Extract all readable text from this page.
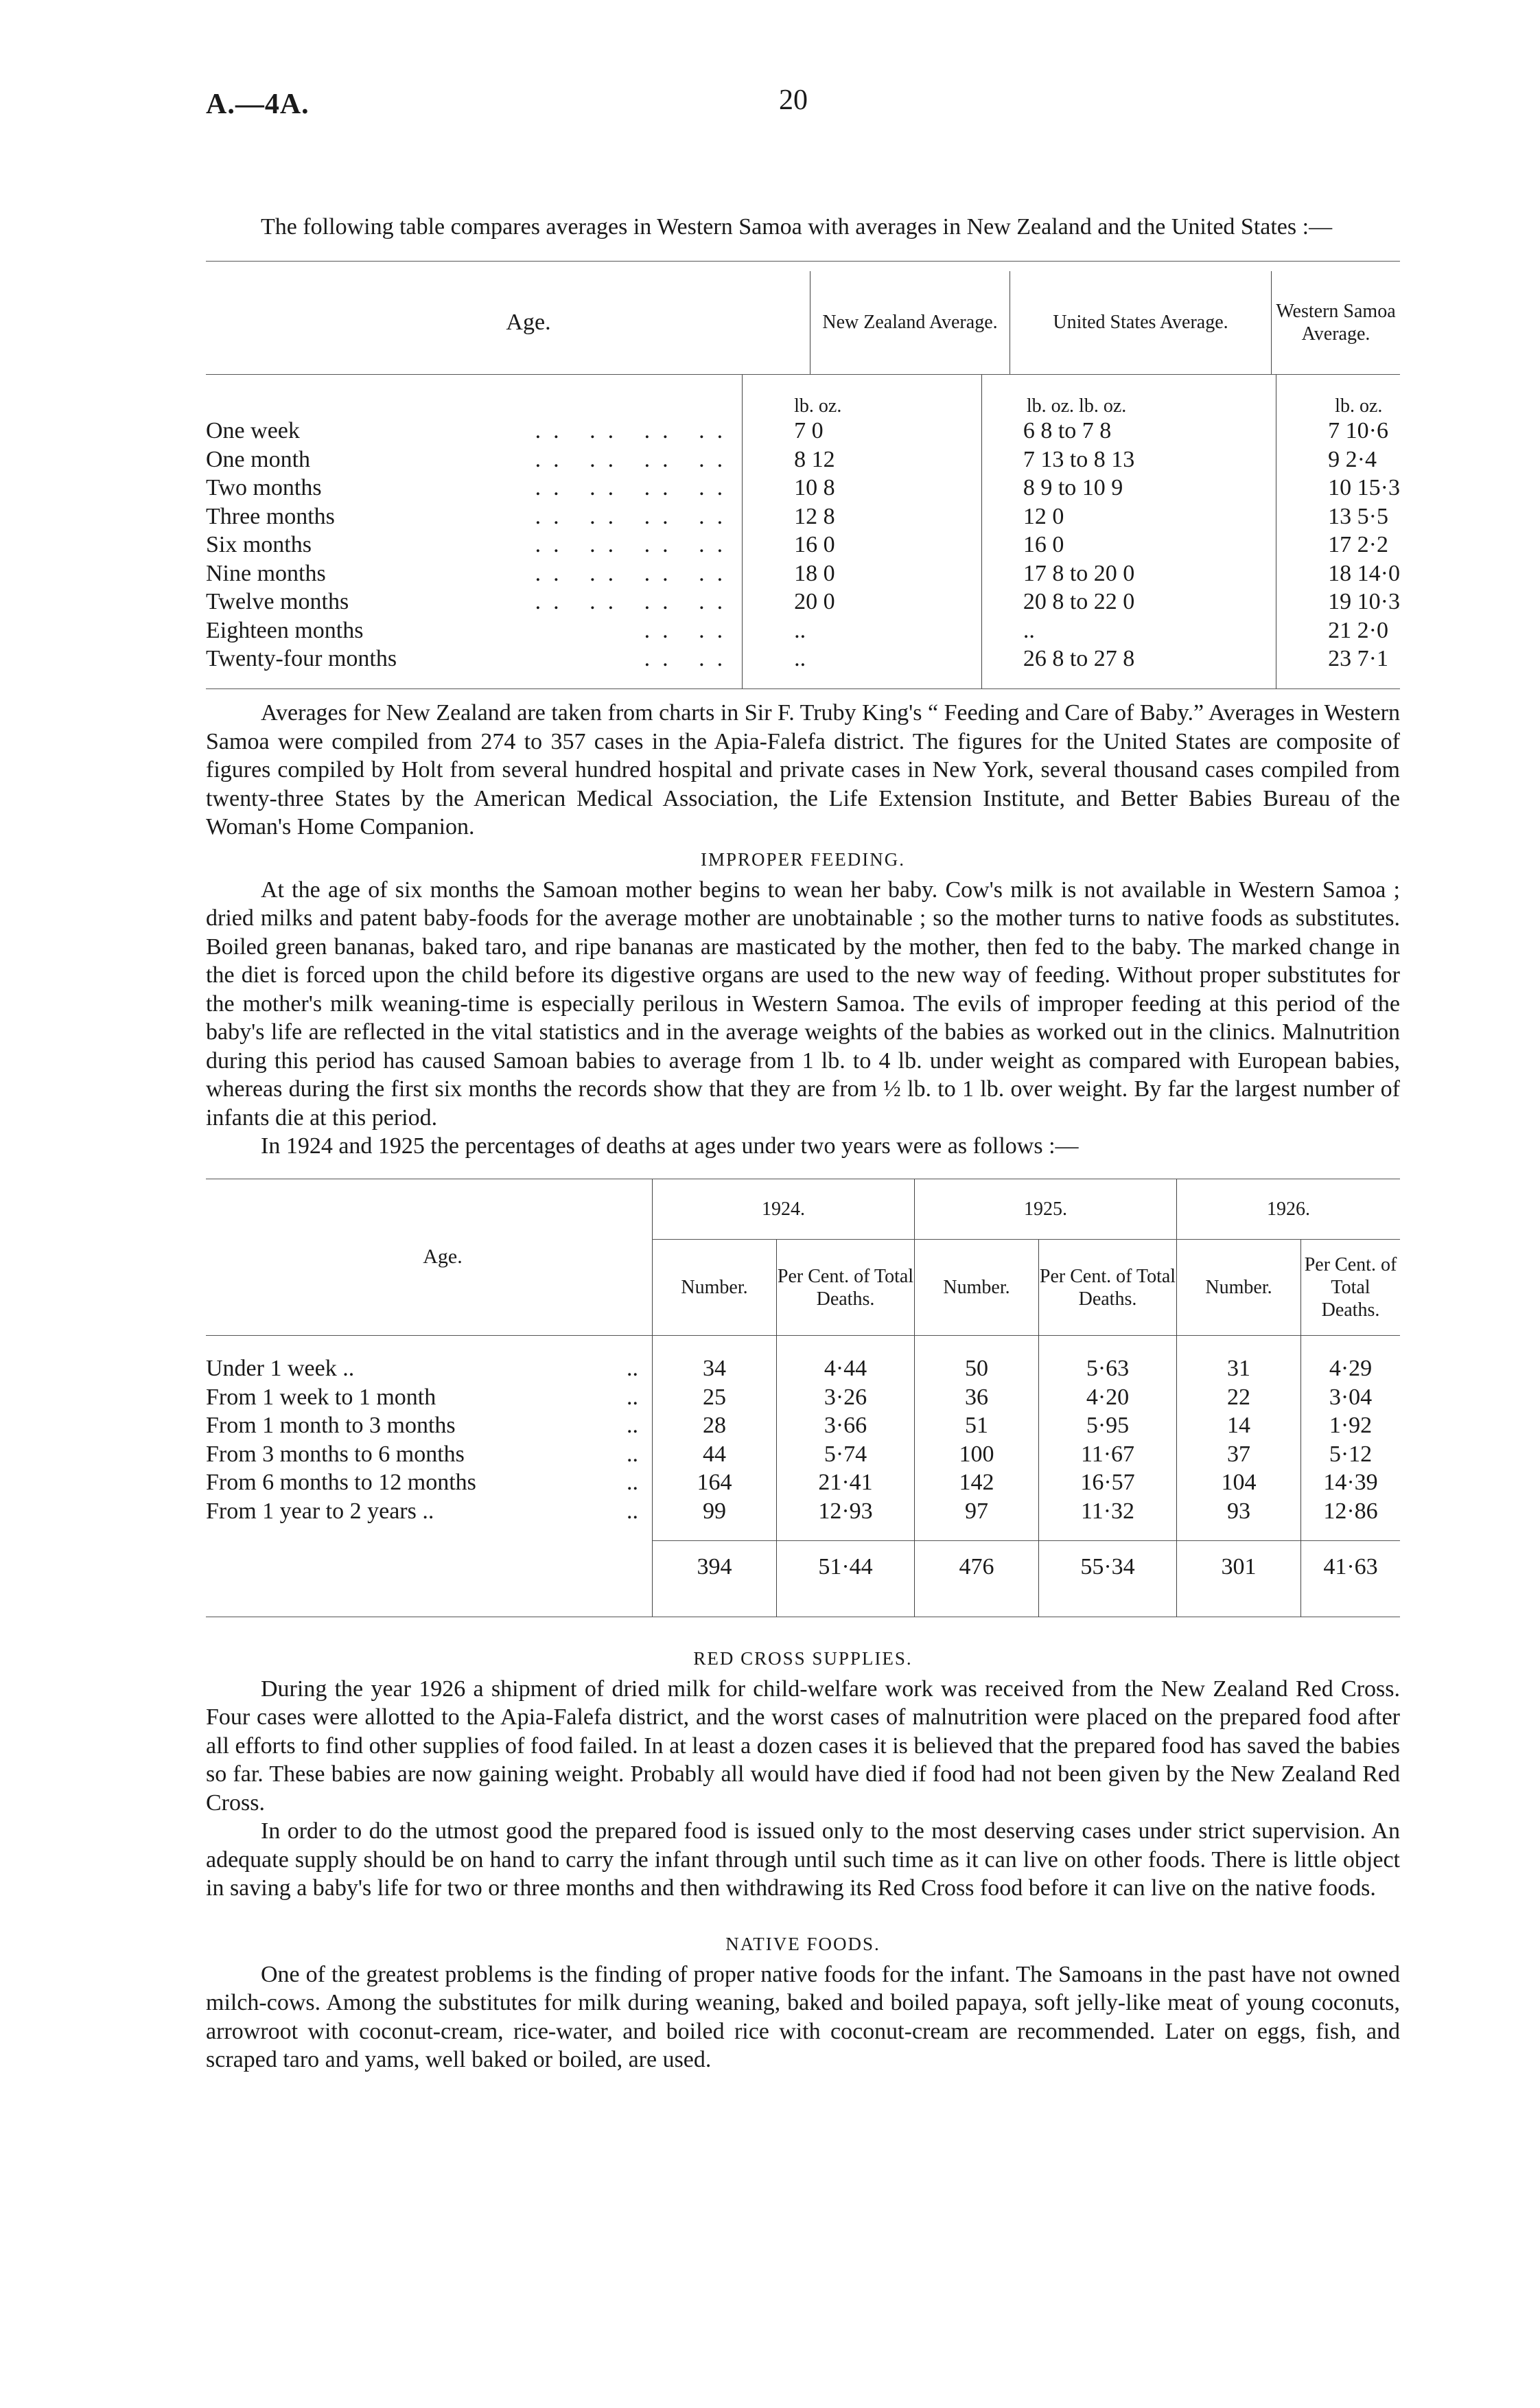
A.—4A.	20

The following table compares averages in Western Samoa with averages in New Zealand and the United States :—

Age.	New Zealand Average.	United States Average.	Western Samoa Average.
	lb. oz.	lb. oz. lb. oz.	lb. oz.
One week .. .. .. ..	7 0	6 8 to 7 8	7 10·6
One month .. .. .. ..	8 12	7 13 to 8 13	9 2·4
Two months .. .. .. ..	10 8	8 9 to 10 9	10 15·3
Three months .. .. .. ..	12 8	12 0	13 5·5
Six months .. .. .. ..	16 0	16 0	17 2·2
Nine months .. .. .. ..	18 0	17 8 to 20 0	18 14·0
Twelve months .. .. .. ..	20 0	20 8 to 22 0	19 10·3
Eighteen months .. ..	..	..	21 2·0
Twenty-four months .. ..	..	26 8 to 27 8	23 7·1

Averages for New Zealand are taken from charts in Sir F. Truby King's “ Feeding and Care of Baby.” Averages in Western Samoa were compiled from 274 to 357 cases in the Apia-Falefa district. The figures for the United States are composite of figures compiled by Holt from several hundred hospital and private cases in New York, several thousand cases compiled from twenty-three States by the American Medical Association, the Life Extension Institute, and Better Babies Bureau of the Woman's Home Companion.

IMPROPER FEEDING.

At the age of six months the Samoan mother begins to wean her baby. Cow's milk is not available in Western Samoa ; dried milks and patent baby-foods for the average mother are unobtainable ; so the mother turns to native foods as substitutes. Boiled green bananas, baked taro, and ripe bananas are masticated by the mother, then fed to the baby. The marked change in the diet is forced upon the child before its digestive organs are used to the new way of feeding. Without proper substitutes for the mother's milk weaning-time is especially perilous in Western Samoa. The evils of improper feeding at this period of the baby's life are reflected in the vital statistics and in the average weights of the babies as worked out in the clinics. Malnutrition during this period has caused Samoan babies to average from 1 lb. to 4 lb. under weight as compared with European babies, whereas during the first six months the records show that they are from ½ lb. to 1 lb. over weight. By far the largest number of infants die at this period.

In 1924 and 1925 the percentages of deaths at ages under two years were as follows :—

Age.	1924.		1925.		1926.	
	Number.	Per Cent. of Total Deaths.	Number.	Per Cent. of Total Deaths.	Number.	Per Cent. of Total Deaths.

Under 1 week .. ..	34	4·44	50	5·63	31	4·29
From 1 week to 1 month ..	25	3·26	36	4·20	22	3·04
From 1 month to 3 months ..	28	3·66	51	5·95	14	1·92
From 3 months to 6 months ..	44	5·74	100	11·67	37	5·12
From 6 months to 12 months ..	164	21·41	142	16·57	104	14·39
From 1 year to 2 years .. ..	99	12·93	97	11·32	93	12·86

	394	51·44	476	55·34	301	41·63

RED CROSS SUPPLIES.

During the year 1926 a shipment of dried milk for child-welfare work was received from the New Zealand Red Cross. Four cases were allotted to the Apia-Falefa district, and the worst cases of malnutrition were placed on the prepared food after all efforts to find other supplies of food failed. In at least a dozen cases it is believed that the prepared food has saved the babies so far. These babies are now gaining weight. Probably all would have died if food had not been given by the New Zealand Red Cross.

In order to do the utmost good the prepared food is issued only to the most deserving cases under strict supervision. An adequate supply should be on hand to carry the infant through until such time as it can live on other foods. There is little object in saving a baby's life for two or three months and then withdrawing its Red Cross food before it can live on the native foods.

NATIVE FOODS.

One of the greatest problems is the finding of proper native foods for the infant. The Samoans in the past have not owned milch-cows. Among the substitutes for milk during weaning, baked and boiled papaya, soft jelly-like meat of young coconuts, arrowroot with coconut-cream, rice-water, and boiled rice with coconut-cream are recommended. Later on eggs, fish, and scraped taro and yams, well baked or boiled, are used.
